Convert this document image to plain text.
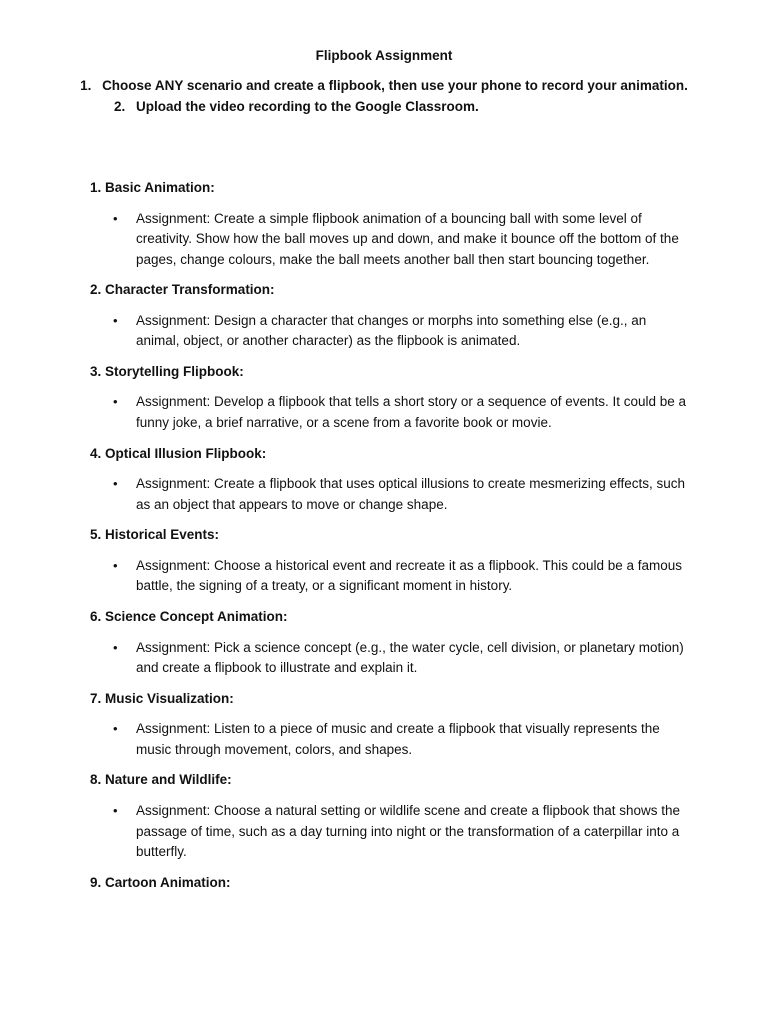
Flipbook Assignment
1. Choose ANY scenario and create a flipbook, then use your phone to record your animation.
2. Upload the video recording to the Google Classroom.
1. Basic Animation:
• Assignment: Create a simple flipbook animation of a bouncing ball with some level of creativity. Show how the ball moves up and down, and make it bounce off the bottom of the pages, change colours, make the ball meets another ball then start bouncing together.
2. Character Transformation:
• Assignment: Design a character that changes or morphs into something else (e.g., an animal, object, or another character) as the flipbook is animated.
3. Storytelling Flipbook:
• Assignment: Develop a flipbook that tells a short story or a sequence of events. It could be a funny joke, a brief narrative, or a scene from a favorite book or movie.
4. Optical Illusion Flipbook:
• Assignment: Create a flipbook that uses optical illusions to create mesmerizing effects, such as an object that appears to move or change shape.
5. Historical Events:
• Assignment: Choose a historical event and recreate it as a flipbook. This could be a famous battle, the signing of a treaty, or a significant moment in history.
6. Science Concept Animation:
• Assignment: Pick a science concept (e.g., the water cycle, cell division, or planetary motion) and create a flipbook to illustrate and explain it.
7. Music Visualization:
• Assignment: Listen to a piece of music and create a flipbook that visually represents the music through movement, colors, and shapes.
8. Nature and Wildlife:
• Assignment: Choose a natural setting or wildlife scene and create a flipbook that shows the passage of time, such as a day turning into night or the transformation of a caterpillar into a butterfly.
9. Cartoon Animation:
